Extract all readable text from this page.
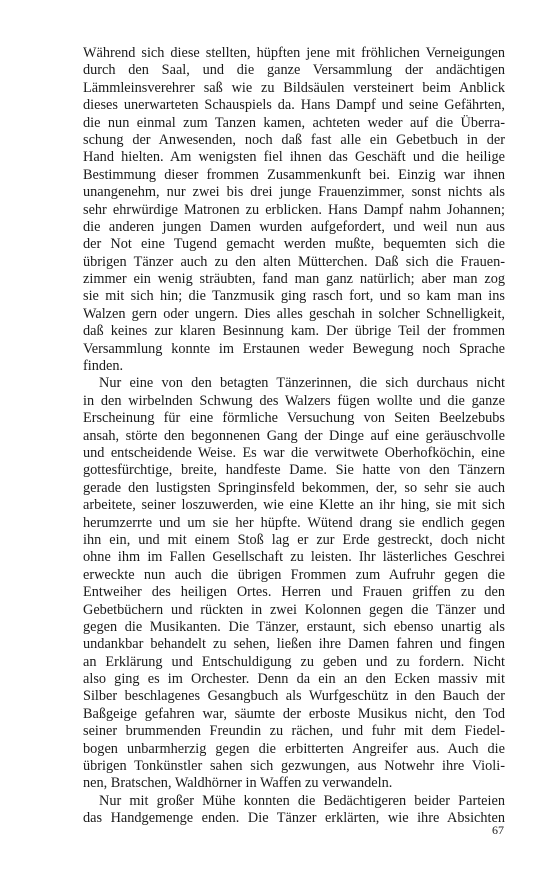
Während sich diese stellten, hüpften jene mit fröhlichen Verneigungen
durch den Saal, und die ganze Versammlung der andächtigen
Lämmleinsverehrer saß wie zu Bildsäulen versteinert beim Anblick
dieses unerwarteten Schauspiels da. Hans Dampf und seine Gefährten,
die nun einmal zum Tanzen kamen, achteten weder auf die Überra-
schung der Anwesenden, noch daß fast alle ein Gebetbuch in der
Hand hielten. Am wenigsten fiel ihnen das Geschäft und die heilige
Bestimmung dieser frommen Zusammenkunft bei. Einzig war ihnen
unangenehm, nur zwei bis drei junge Frauenzimmer, sonst nichts als
sehr ehrwürdige Matronen zu erblicken. Hans Dampf nahm Johannen;
die anderen jungen Damen wurden aufgefordert, und weil nun aus
der Not eine Tugend gemacht werden mußte, bequemten sich die
übrigen Tänzer auch zu den alten Mütterchen. Daß sich die Frauen-
zimmer ein wenig sträubten, fand man ganz natürlich; aber man zog
sie mit sich hin; die Tanzmusik ging rasch fort, und so kam man ins
Walzen gern oder ungern. Dies alles geschah in solcher Schnelligkeit,
daß keines zur klaren Besinnung kam. Der übrige Teil der frommen
Versammlung konnte im Erstaunen weder Bewegung noch Sprache
finden.
Nur eine von den betagten Tänzerinnen, die sich durchaus nicht
in den wirbelnden Schwung des Walzers fügen wollte und die ganze
Erscheinung für eine förmliche Versuchung von Seiten Beelzebubs
ansah, störte den begonnenen Gang der Dinge auf eine geräuschvolle
und entscheidende Weise. Es war die verwitwete Oberhofköchin, eine
gottesfürchtige, breite, handfeste Dame. Sie hatte von den Tänzern
gerade den lustigsten Springinsfeld bekommen, der, so sehr sie auch
arbeitete, seiner loszuwerden, wie eine Klette an ihr hing, sie mit sich
herumzerrte und um sie her hüpfte. Wütend drang sie endlich gegen
ihn ein, und mit einem Stoß lag er zur Erde gestreckt, doch nicht
ohne ihm im Fallen Gesellschaft zu leisten. Ihr lästerliches Geschrei
erweckte nun auch die übrigen Frommen zum Aufruhr gegen die
Entweiher des heiligen Ortes. Herren und Frauen griffen zu den
Gebetbüchern und rückten in zwei Kolonnen gegen die Tänzer und
gegen die Musikanten. Die Tänzer, erstaunt, sich ebenso unartig als
undankbar behandelt zu sehen, ließen ihre Damen fahren und fingen
an Erklärung und Entschuldigung zu geben und zu fordern. Nicht
also ging es im Orchester. Denn da ein an den Ecken massiv mit
Silber beschlagenes Gesangbuch als Wurfgeschütz in den Bauch der
Baßgeige gefahren war, säumte der erboste Musikus nicht, den Tod
seiner brummenden Freundin zu rächen, und fuhr mit dem Fiedel-
bogen unbarmherzig gegen die erbitterten Angreifer aus. Auch die
übrigen Tonkünstler sahen sich gezwungen, aus Notwehr ihre Violi-
nen, Bratschen, Waldhörner in Waffen zu verwandeln.
Nur mit großer Mühe konnten die Bedächtigeren beider Parteien
das Handgemenge enden. Die Tänzer erklärten, wie ihre Absichten
67
